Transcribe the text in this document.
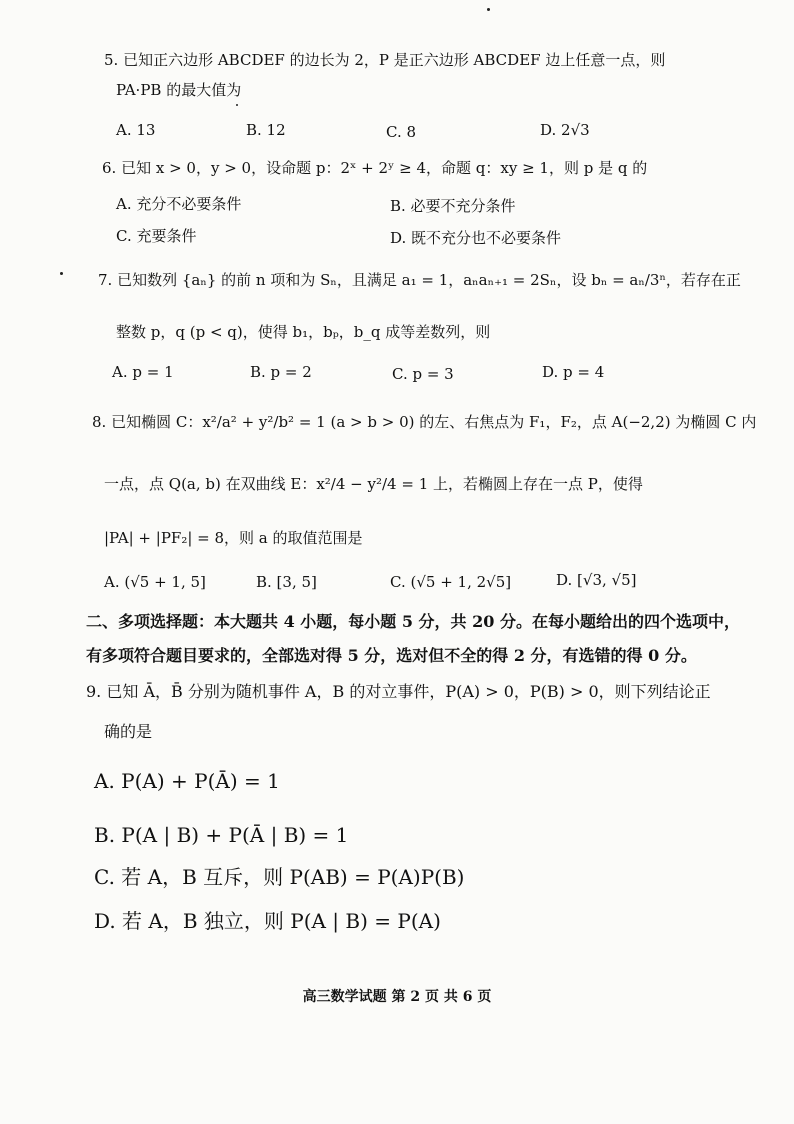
5. 已知正六边形 ABCDEF 的边长为 2，P 是正六边形 ABCDEF 边上任意一点，则
PA·PB 的最大值为
A. 13	B. 12	C. 8	D. 2√3
6. 已知 x > 0，y > 0，设命题 p：2ˣ + 2ʸ ≥ 4，命题 q：xy ≥ 1，则 p 是 q 的
A. 充分不必要条件	B. 必要不充分条件
C. 充要条件	D. 既不充分也不必要条件
7. 已知数列 {aₙ} 的前 n 项和为 Sₙ，且满足 a₁ = 1，aₙaₙ₊₁ = 2Sₙ，设 bₙ = aₙ/3ⁿ，若存在正
整数 p，q (p < q)，使得 b₁，bₚ，b_q 成等差数列，则
A. p = 1	B. p = 2	C. p = 3	D. p = 4
8. 已知椭圆 C：x²/a² + y²/b² = 1 (a > b > 0) 的左、右焦点为 F₁，F₂，点 A(−2,2) 为椭圆 C 内
一点，点 Q(a, b) 在双曲线 E：x²/4 − y²/4 = 1 上，若椭圆上存在一点 P，使得
|PA| + |PF₂| = 8，则 a 的取值范围是
A. (√5 + 1, 5]	B. [3, 5]	C. (√5 + 1, 2√5]	D. [√3, √5]
二、多项选择题：本大题共 4 小题，每小题 5 分，共 20 分。在每小题给出的四个选项中，
有多项符合题目要求的，全部选对得 5 分，选对但不全的得 2 分，有选错的得 0 分。
9. 已知 Ā，B̄ 分别为随机事件 A，B 的对立事件，P(A) > 0，P(B) > 0，则下列结论正
确的是
A. P(A) + P(Ā) = 1
B. P(A | B) + P(Ā | B) = 1
C. 若 A，B 互斥，则 P(AB) = P(A)P(B)
D. 若 A，B 独立，则 P(A | B) = P(A)
高三数学试题 第 2 页 共 6 页
